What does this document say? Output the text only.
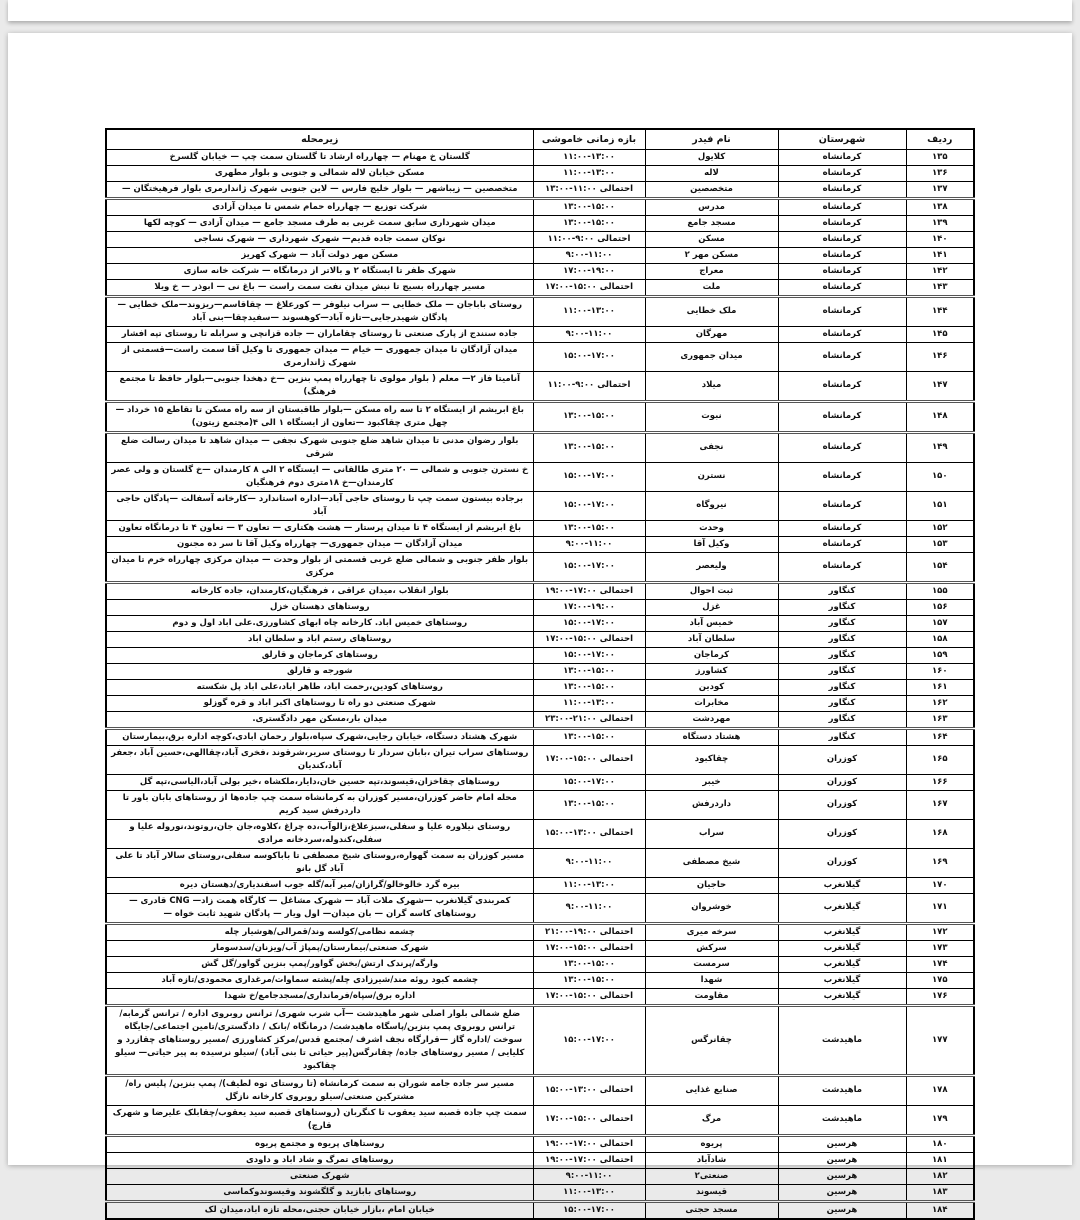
ردیف	شهرستان	نام فیدر	بازه زمانی خاموشی	زیرمحله
۱۳۵	کرمانشاه	کلایول	۱۱:۰۰-۱۳:۰۰	گلستان خ مهنام — چهارراه ارشاد تا گلستان سمت چپ — خیابان گلسرخ
۱۳۶	کرمانشاه	لاله	۱۱:۰۰-۱۳:۰۰	مسکن خیابان لاله شمالی و جنوبی و بلوار مطهری
۱۳۷	کرمانشاه	متخصصین	احتمالی ۱۱:۰۰-۱۳:۰۰	متخصصین — زیباشهر — بلوار خلیج فارس — لاین جنوبی شهرک ژاندارمری بلوار فرهیختگان —
۱۳۸	کرمانشاه	مدرس	۱۳:۰۰-۱۵:۰۰	شرکت توزیع — چهارراه حمام شمس تا میدان آزادی
۱۳۹	کرمانشاه	مسجد جامع	۱۳:۰۰-۱۵:۰۰	میدان شهرداری سابق سمت غربی به طرف مسجد جامع — میدان آزادی — کوچه لکها
۱۴۰	کرمانشاه	مسکن	احتمالی ۹:۰۰-۱۱:۰۰	نوکان سمت جاده قدیم— شهرک شهرداری — شهرک نساجی
۱۴۱	کرمانشاه	مسکن مهر ۲	۹:۰۰-۱۱:۰۰	مسکن مهر دولت آباد — شهرک کهریز
۱۴۲	کرمانشاه	معراج	۱۷:۰۰-۱۹:۰۰	شهرک ظفر تا ایستگاه ۲ و بالاتر از درمانگاه — شرکت خانه سازی
۱۴۳	کرمانشاه	ملت	احتمالی ۱۵:۰۰-۱۷:۰۰	مسیر چهارراه بسیج تا نبش میدان نفت سمت راست — باغ نی — ابوذر — خ ویلا
۱۴۴	کرمانشاه	ملک خطایی	۱۱:۰۰-۱۳:۰۰	روستای باباجان — ملک خطایی — سراب نیلوفر — کورعلاغ — چقاقاسم—ریزوند—ملک خطایی —پادگان شهیدرجایی—تازه آباد—کوهسوند —سفیدچقا—بنی آباد
۱۴۵	کرمانشاه	مهرگان	۹:۰۰-۱۱:۰۰	جاده سنندج از پارک صنعتی تا روستای چقاماران — جاده قزانچی و سرابله تا روستای تپه افشار
۱۴۶	کرمانشاه	میدان جمهوری	۱۵:۰۰-۱۷:۰۰	میدان آزادگان تا میدان جمهوری — خیام — میدان جمهوری تا وکیل آقا سمت راست—قسمتی از شهرک ژاندارمری
۱۴۷	کرمانشاه	میلاد	احتمالی ۹:۰۰-۱۱:۰۰	آنامیتا فاز ۲— معلم ( بلوار مولوی تا چهارراه پمپ بنزین —خ دهخدا جنوبی—بلوار حافظ تا مجتمع فرهنگ)
۱۴۸	کرمانشاه	نبوت	۱۳:۰۰-۱۵:۰۰	باغ ابریشم از ایستگاه ۲ تا سه راه مسکن —بلوار طاقبستان از سه راه مسکن تا تقاطع ۱۵ خرداد — چهل متری چقاکبود —تعاون از ایستگاه ۱ الی ۴(مجتمع زیتون)
۱۴۹	کرمانشاه	نجفی	۱۳:۰۰-۱۵:۰۰	بلوار رضوان مدنی تا میدان شاهد ضلع جنوبی شهرک نجفی — میدان شاهد تا میدان رسالت ضلع شرقی
۱۵۰	کرمانشاه	نسترن	۱۵:۰۰-۱۷:۰۰	خ نسترن جنوبی و شمالی — ۲۰ متری طالقانی — ایستگاه ۲ الی ۸ کارمندان —خ گلستان و ولی عصر کارمندان—خ ۱۸متری دوم فرهنگیان
۱۵۱	کرمانشاه	نیروگاه	۱۵:۰۰-۱۷:۰۰	برجاده بیستون سمت چپ تا روستای حاجی آباد—اداره استاندارد —کارخانه آسفالت —پادگان حاجی آباد
۱۵۲	کرمانشاه	وحدت	۱۳:۰۰-۱۵:۰۰	باغ ابریشم از ایستگاه ۴ تا میدان پرستار — هشت هکتاری — تعاون ۳ — تعاون ۴ تا درمانگاه تعاون
۱۵۳	کرمانشاه	وکیل آقا	۹:۰۰-۱۱:۰۰	میدان آزادگان — میدان جمهوری— چهارراه وکیل آقا تا سر ده مجنون
۱۵۴	کرمانشاه	ولیعصر	۱۵:۰۰-۱۷:۰۰	بلوار ظفر جنوبی و شمالی ضلع غربی قسمتی از بلوار وحدت — میدان مرکزی چهارراه خرم تا میدان مرکزی
۱۵۵	کنگاور	ثبت احوال	احتمالی ۱۷:۰۰-۱۹:۰۰	بلوار انقلاب ،میدان عراقی ، فرهنگیان،کارمندان، جاده کارخانه
۱۵۶	کنگاور	غزل	۱۷:۰۰-۱۹:۰۰	روستاهای دهستان خزل
۱۵۷	کنگاور	خمیس آباد	۱۵:۰۰-۱۷:۰۰	روستاهای خمیس اباد. کارخانه چاه ابهای کشاورزی.علی اباد اول و دوم
۱۵۸	کنگاور	سلطان آباد	احتمالی ۱۵:۰۰-۱۷:۰۰	روستاهای رستم اباد و سلطان اباد
۱۵۹	کنگاور	کرماجان	۱۵:۰۰-۱۷:۰۰	روستاهای کرماجان و قارلق
۱۶۰	کنگاور	کشاورز	۱۳:۰۰-۱۵:۰۰	شورجه و قارلق
۱۶۱	کنگاور	کودین	۱۳:۰۰-۱۵:۰۰	روستاهای کودین،رحمت اباد، طاهر اباد،علی اباد پل شکسته
۱۶۲	کنگاور	مخابرات	۱۱:۰۰-۱۳:۰۰	شهرک صنعتی دو راه تا روستاهای اکبر اباد و قره گوزلو
۱۶۳	کنگاور	مهردشت	احتمالی ۲۱:۰۰-۲۳:۰۰	میدان بار،مسکن مهر دادگستری.
۱۶۴	کنگاور	هشتاد دستگاه	۱۳:۰۰-۱۵:۰۰	شهرک هشتاد دستگاه، خیابان رجایی،شهرک سپاه،بلوار رحمان ابادی،کوچه اداره برق،بیمارستان
۱۶۵	کوزران	چقاکبود	احتمالی ۱۵:۰۰-۱۷:۰۰	روستاهای سراب تیران ،بابان سردار تا روستای سریر،شرقوند ،فخری آباد،چقاالهی،حسین آباد ،جعفر آباد،کندیان
۱۶۶	کوزران	خیبر	۱۵:۰۰-۱۷:۰۰	روستاهای چقاخزان،قیسوند،تپه حسین خان،دایار،ملکشاه ،خیر بولی آباد،الیاسی،تپه گل
۱۶۷	کوزران	داردرفش	۱۳:۰۰-۱۵:۰۰	محله امام حاضر کوزران،مسیر کوزران به کرمانشاه سمت چپ جاده‌ها از روستاهای بابان باور تا داردرفش سید کریم
۱۶۸	کوزران	سراب	احتمالی ۱۳:۰۰-۱۵:۰۰	روستای نیلاوره علیا و سفلی،سبزعلاغ،زالوآب،ده چراغ ،کلاوه،جان جان،روتوند،نوروله علیا و سفلی،کندوله،سردخانه مرادی
۱۶۹	کوزران	شیخ مصطفی	۹:۰۰-۱۱:۰۰	مسیر کوزران به سمت گهواره،روستای شیخ مصطفی تا باباکوسه سفلی،روستای سالار آباد تا علی آباد گل بانو
۱۷۰	گیلانغرب	حاجیان	۱۱:۰۰-۱۳:۰۰	بیره گرد خالوخالو/گرازان/میر آبه/گله جوب اسفندیاری/دهستان دیره
۱۷۱	گیلانغرب	خوشروان	۹:۰۰-۱۱:۰۰	کمربندی گیلانغرب —شهرک ملات آباد — شهرک مشاغل — کارگاه همت زاد— CNG قادری — روستاهای کاسه گران — بان میدان— اول ویار — پادگان شهید ثابت خواه —
۱۷۲	گیلانغرب	سرخه میری	احتمالی ۱۹:۰۰-۲۱:۰۰	چشمه نظامی/کولسه وند/قمرالی/هوشیار چله
۱۷۳	گیلانغرب	سرکش	احتمالی ۱۵:۰۰-۱۷:۰۰	شهرک صنعتی/بیمارستان/پمپاژ آب/ویزنان/سدسومار
۱۷۴	گیلانغرب	سرمست	۱۳:۰۰-۱۵:۰۰	وارگه/پرندک ارتش/بخش گواور/پمپ بنزین گواور/گل گش
۱۷۵	گیلانغرب	شهدا	۱۳:۰۰-۱۵:۰۰	چشمه کبود روئه مند/شیرزادی چله/پشته سماوات/مرغداری محمودی/تازه آباد
۱۷۶	گیلانغرب	مقاومت	احتمالی ۱۵:۰۰-۱۷:۰۰	اداره برق/سپاه/فرمانداری/مسجدجامع/خ شهدا
۱۷۷	ماهیدشت	چقانرگس	۱۵:۰۰-۱۷:۰۰	ضلع شمالی بلوار اصلی شهر ماهیدشت —آب شرب شهری/ ترانس روبروی اداره / ترانس گرمابه/ترانس روبروی پمپ بنزین/پاسگاه ماهیدشت/ درمانگاه /بانک / دادگستری/تامین اجتماعی/جایگاه سوخت /اداره گاز —قرارگاه نجف اشرف /مجتمع قدس/مرکز کشاورزی /مسیر روستاهای چقازرد و کلیایی / مسیر روستاهای جاده/ چقانرگس(پیر حیاتی تا بنی آباد) /سیلو نرسیده به پیر حیاتی— سیلو چقاکبود
۱۷۸	ماهیدشت	صنایع غذایی	احتمالی ۱۳:۰۰-۱۵:۰۰	مسیر سر جاده جامه شوران به سمت کرمانشاه (تا روستای توه لطیف)/ پمپ بنزین/ پلیس راه/مشترکین صنعتی/سیلو روبروی کارخانه نازگل
۱۷۹	ماهیدشت	مرگ	احتمالی ۱۵:۰۰-۱۷:۰۰	سمت چپ جاده قصبه سید یعقوب تا کنگربان (روستاهای قصبه سید یعقوب/چقابلک علیرضا و شهرک قارچ)
۱۸۰	هرسین	پریوه	احتمالی ۱۷:۰۰-۱۹:۰۰	روستاهای پریوه و مجتمع پریوه
۱۸۱	هرسین	شادآباد	احتمالی ۱۷:۰۰-۱۹:۰۰	روستاهای تمرگ و شاد اباد و داودی
۱۸۲	هرسین	صنعتی۲	۹:۰۰-۱۱:۰۰	شهرک صنعتی
۱۸۳	هرسین	قیسوند	۱۱:۰۰-۱۳:۰۰	روستاهای بابازید و گلگشوند وقیسوندوکماسی
۱۸۴	هرسین	مسجد حجتی	۱۵:۰۰-۱۷:۰۰	خیابان امام ،بازار خیابان حجتی،محله تازه اباد،میدان لک
